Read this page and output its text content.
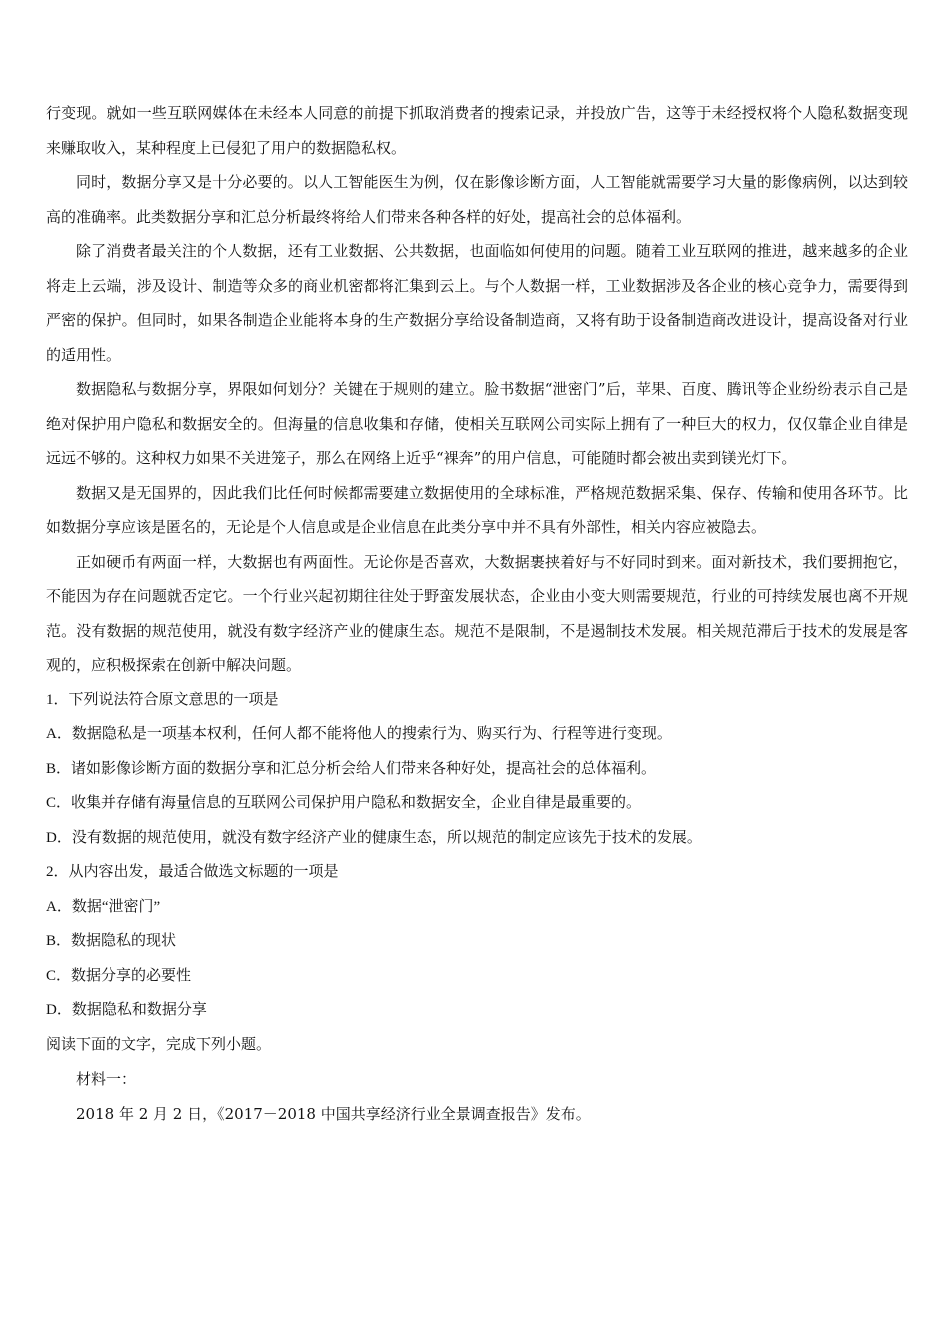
行变现。就如一些互联网媒体在未经本人同意的前提下抓取消费者的搜索记录，并投放广告，这等于未经授权将个人隐私数据变现来赚取收入，某种程度上已侵犯了用户的数据隐私权。

同时，数据分享又是十分必要的。以人工智能医生为例，仅在影像诊断方面，人工智能就需要学习大量的影像病例，以达到较高的准确率。此类数据分享和汇总分析最终将给人们带来各种各样的好处，提高社会的总体福利。

除了消费者最关注的个人数据，还有工业数据、公共数据，也面临如何使用的问题。随着工业互联网的推进，越来越多的企业将走上云端，涉及设计、制造等众多的商业机密都将汇集到云上。与个人数据一样，工业数据涉及各企业的核心竞争力，需要得到严密的保护。但同时，如果各制造企业能将本身的生产数据分享给设备制造商，又将有助于设备制造商改进设计，提高设备对行业的适用性。

数据隐私与数据分享，界限如何划分？关键在于规则的建立。脸书数据“泄密门”后，苹果、百度、腾讯等企业纷纷表示自己是绝对保护用户隐私和数据安全的。但海量的信息收集和存储，使相关互联网公司实际上拥有了一种巨大的权力，仅仅靠企业自律是远远不够的。这种权力如果不关进笼子，那么在网络上近乎“裸奔”的用户信息，可能随时都会被出卖到镁光灯下。

数据又是无国界的，因此我们比任何时候都需要建立数据使用的全球标准，严格规范数据采集、保存、传输和使用各环节。比如数据分享应该是匿名的，无论是个人信息或是企业信息在此类分享中并不具有外部性，相关内容应被隐去。

正如硬币有两面一样，大数据也有两面性。无论你是否喜欢，大数据裹挟着好与不好同时到来。面对新技术，我们要拥抱它，不能因为存在问题就否定它。一个行业兴起初期往往处于野蛮发展状态，企业由小变大则需要规范，行业的可持续发展也离不开规范。没有数据的规范使用，就没有数字经济产业的健康生态。规范不是限制，不是遏制技术发展。相关规范滞后于技术的发展是客观的，应积极探索在创新中解决问题。

1．下列说法符合原文意思的一项是

A．数据隐私是一项基本权利，任何人都不能将他人的搜索行为、购买行为、行程等进行变现。

B．诸如影像诊断方面的数据分享和汇总分析会给人们带来各种好处，提高社会的总体福利。

C．收集并存储有海量信息的互联网公司保护用户隐私和数据安全，企业自律是最重要的。

D．没有数据的规范使用，就没有数字经济产业的健康生态，所以规范的制定应该先于技术的发展。

2．从内容出发，最适合做选文标题的一项是

A．数据“泄密门”

B．数据隐私的现状

C．数据分享的必要性

D．数据隐私和数据分享

阅读下面的文字，完成下列小题。

材料一：

2018 年 2 月 2 日，《2017－2018 中国共享经济行业全景调查报告》发布。
